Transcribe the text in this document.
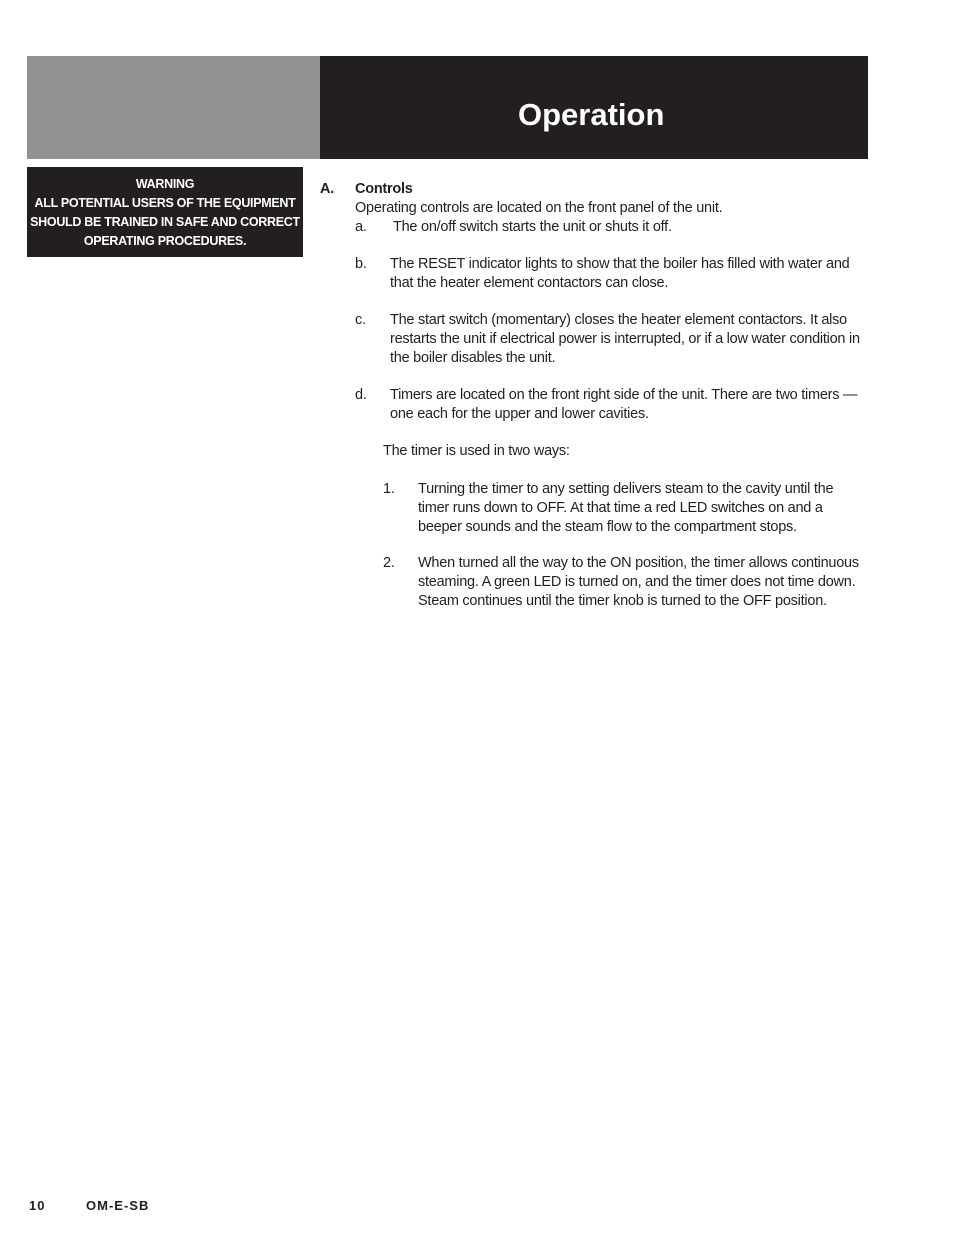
Operation
WARNING
ALL POTENTIAL USERS OF THE EQUIPMENT
SHOULD BE TRAINED IN SAFE AND CORRECT
OPERATING PROCEDURES.
A. Controls
Operating controls are located on the front panel of the unit.
a. The on/off switch starts the unit or shuts it off.
b. The RESET indicator lights to show that the boiler has filled with water and that the heater element contactors can close.
c. The start switch (momentary) closes the heater element contactors. It also restarts the unit if electrical power is interrupted, or if a low water condition in the boiler disables the unit.
d. Timers are located on the front right side of the unit. There are two timers — one each for the upper and lower cavities.
The timer is used in two ways:
1. Turning the timer to any setting delivers steam to the cavity until the timer runs down to OFF. At that time a red LED switches on and a beeper sounds and the steam flow to the compartment stops.
2. When turned all the way to the ON position, the timer allows continuous steaming. A green LED is turned on, and the timer does not time down. Steam continues until the timer knob is turned to the OFF position.
10	OM-E-SB
